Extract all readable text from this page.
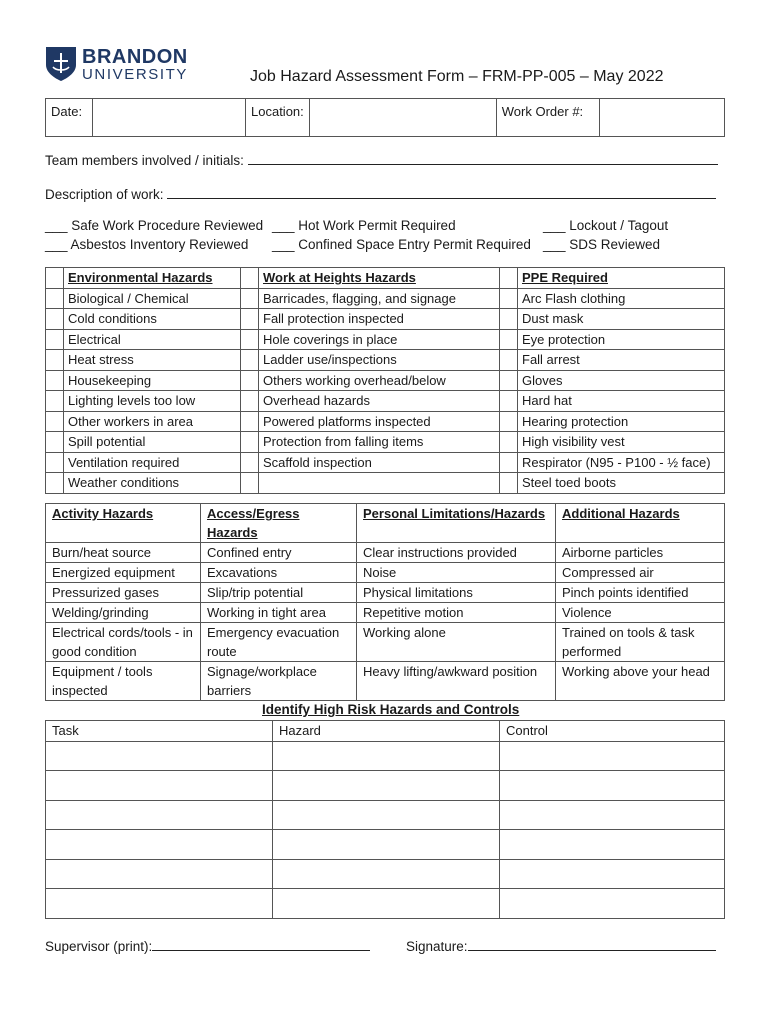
BRANDON
UNIVERSITY	Job Hazard Assessment Form – FRM-PP-005 – May 2022
Date:		Location:		Work Order #:	
Team members involved / initials:
Description of work:
___ Safe Work Procedure Reviewed ___ Hot Work Permit Required	___ Lockout / Tagout
___ Asbestos Inventory Reviewed ___ Confined Space Entry Permit Required ___ SDS Reviewed
	Environmental Hazards		Work at Heights Hazards		PPE Required
	Biological / Chemical		Barricades, flagging, and signage		Arc Flash clothing
	Cold conditions		Fall protection inspected		Dust mask
	Electrical		Hole coverings in place		Eye protection
	Heat stress		Ladder use/inspections		Fall arrest
	Housekeeping		Others working overhead/below		Gloves
	Lighting levels too low		Overhead hazards		Hard hat
	Other workers in area		Powered platforms inspected		Hearing protection
	Spill potential		Protection from falling items		High visibility vest
	Ventilation required		Scaffold inspection		Respirator (N95 - P100 - ½ face)
	Weather conditions				Steel toed boots
Activity Hazards	Access/Egress Hazards	Personal Limitations/Hazards	Additional Hazards
Burn/heat source	Confined entry	Clear instructions provided	Airborne particles
Energized equipment	Excavations	Noise	Compressed air
Pressurized gases	Slip/trip potential	Physical limitations	Pinch points identified
Welding/grinding	Working in tight area	Repetitive motion	Violence
Electrical cords/tools - in good condition	Emergency evacuation route	Working alone	Trained on tools & task performed
Equipment / tools inspected	Signage/workplace barriers	Heavy lifting/awkward position	Working above your head
Identify High Risk Hazards and Controls
Task	Hazard	Control

Supervisor (print):	Signature:
